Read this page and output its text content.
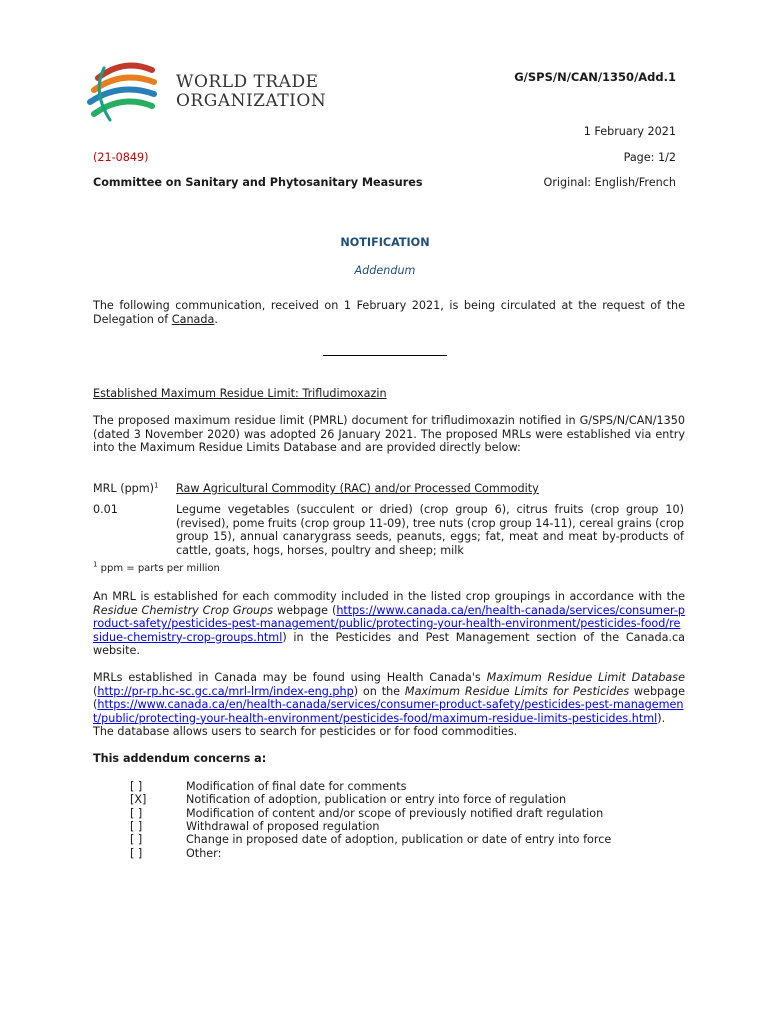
WORLD TRADE
ORGANIZATION
G/SPS/N/CAN/1350/Add.1
1 February 2021
(21-0849)	Page: 1/2
Committee on Sanitary and Phytosanitary Measures	Original: English/French
NOTIFICATION
Addendum
The following communication, received on 1 February 2021, is being circulated at the request of the Delegation of Canada.
Established Maximum Residue Limit: Trifludimoxazin
The proposed maximum residue limit (PMRL) document for trifludimoxazin notified in G/SPS/N/CAN/1350 (dated 3 November 2020) was adopted 26 January 2021. The proposed MRLs were established via entry into the Maximum Residue Limits Database and are provided directly below:
MRL (ppm)$^1$ Raw Agricultural Commodity (RAC) and/or Processed Commodity
0.01	Legume vegetables (succulent or dried) (crop group 6), citrus fruits (crop group 10) (revised), pome fruits (crop group 11-09), tree nuts (crop group 14-11), cereal grains (crop group 15), annual canarygrass seeds, peanuts, eggs; fat, meat and meat by-products of cattle, goats, hogs, horses, poultry and sheep; milk
$^1$ ppm = parts per million
An MRL is established for each commodity included in the listed crop groupings in accordance with the Residue Chemistry Crop Groups webpage (https://www.canada.ca/en/health-canada/services/consumer-product-safety/pesticides-pest-management/public/protecting-your-health-environment/pesticides-food/residue-chemistry-crop-groups.html) in the Pesticides and Pest Management section of the Canada.ca website.
MRLs established in Canada may be found using Health Canada's Maximum Residue Limit Database (http://pr-rp.hc-sc.gc.ca/mrl-lrm/index-eng.php) on the Maximum Residue Limits for Pesticides webpage (https://www.canada.ca/en/health-canada/services/consumer-product-safety/pesticides-pest-management/public/protecting-your-health-environment/pesticides-food/maximum-residue-limits-pesticides.html). The database allows users to search for pesticides or for food commodities.
This addendum concerns a:
[ ]	Modification of final date for comments
[X]	Notification of adoption, publication or entry into force of regulation
[ ]	Modification of content and/or scope of previously notified draft regulation
[ ]	Withdrawal of proposed regulation
[ ]	Change in proposed date of adoption, publication or date of entry into force
[ ]	Other:
